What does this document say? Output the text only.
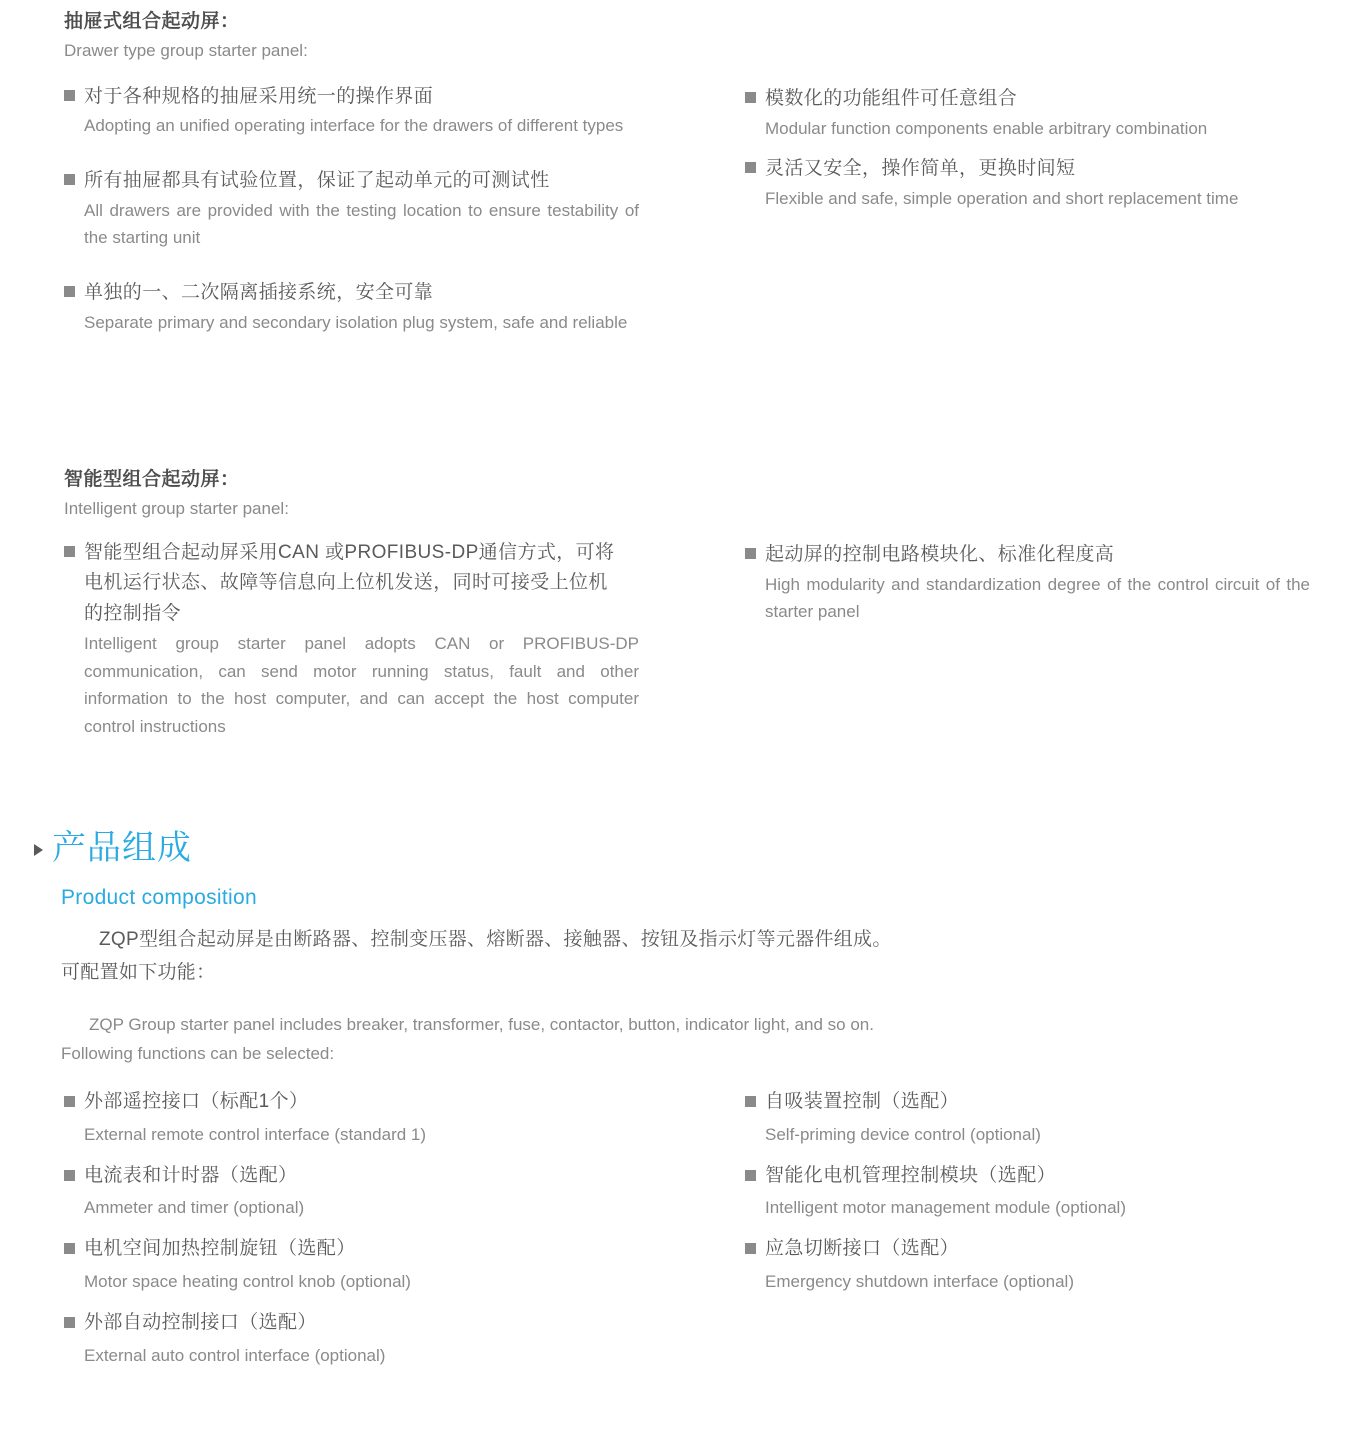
抽屉式组合起动屏：
Drawer type group starter panel:
对于各种规格的抽屉采用统一的操作界面
Adopting an unified operating interface for the drawers of different types
所有抽屉都具有试验位置，保证了起动单元的可测试性
All drawers are provided with the testing location to ensure testability of the starting unit
单独的一、二次隔离插接系统，安全可靠
Separate primary and secondary isolation plug system, safe and reliable
模数化的功能组件可任意组合
Modular function components enable arbitrary combination
灵活又安全，操作简单，更换时间短
Flexible and safe, simple operation and short replacement time
智能型组合起动屏：
Intelligent group starter panel:
智能型组合起动屏采用CAN 或PROFIBUS-DP通信方式，可将电机运行状态、故障等信息向上位机发送，同时可接受上位机的控制指令
Intelligent group starter panel adopts CAN or PROFIBUS-DP communication, can send motor running status, fault and other information to the host computer, and can accept the host computer control instructions
起动屏的控制电路模块化、标准化程度高
High modularity and standardization degree of the control circuit of the starter panel
产品组成
Product composition
ZQP型组合起动屏是由断路器、控制变压器、熔断器、接触器、按钮及指示灯等元器件组成。可配置如下功能：
ZQP Group starter panel includes breaker, transformer, fuse, contactor, button, indicator light, and so on. Following functions can be selected:
外部遥控接口（标配1个）
External remote control interface (standard 1)
电流表和计时器（选配）
Ammeter and timer (optional)
电机空间加热控制旋钮（选配）
Motor space heating control knob (optional)
外部自动控制接口（选配）
External auto control interface (optional)
自吸装置控制（选配）
Self-priming device control (optional)
智能化电机管理控制模块（选配）
Intelligent motor management module (optional)
应急切断接口（选配）
Emergency shutdown interface (optional)
